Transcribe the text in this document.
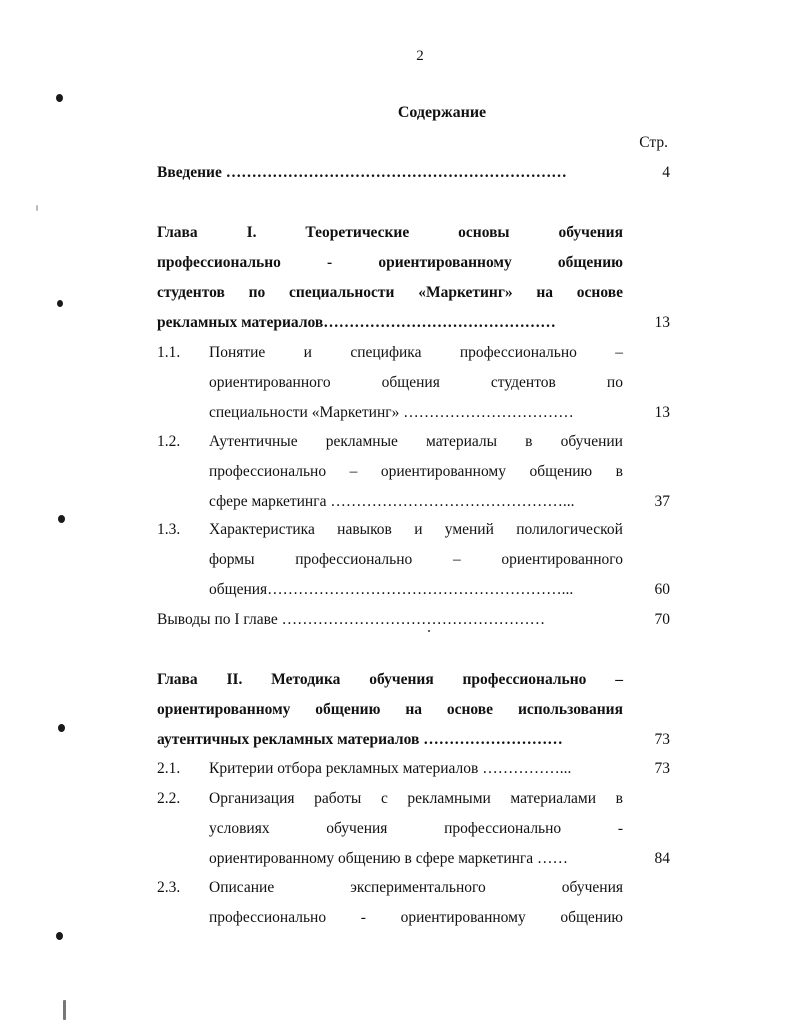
2
Содержание
Стр.
Введение …………………………………………………………	4
Глава	I.	Теоретические	основы	обучения
профессионально	-	ориентированному	общению
студентов по специальности «Маркетинг» на основе
рекламных материалов………………………………………	13
1.1. Понятие и специфика профессионально –
ориентированного	общения	студентов	по
специальности «Маркетинг» ……………………………	13
1.2. Аутентичные рекламные материалы в обучении
профессионально – ориентированному общению в
сфере маркетинга ………………………………………...	37
1.3. Характеристика навыков и умений полилогической
формы	профессионально	–	ориентированного
общения…………………………………………………...	60
Выводы по I главе ……………………………………………	70
Глава II. Методика обучения профессионально –
ориентированному общению на основе использования
аутентичных рекламных материалов ………………………	73
2.1. Критерии отбора рекламных материалов ……………...	73
2.2. Организация работы с рекламными материалами в
условиях	обучения	профессионально	-
ориентированному общению в сфере маркетинга ……	84
2.3. Описание	экспериментального	обучения
профессионально - ориентированному общению
